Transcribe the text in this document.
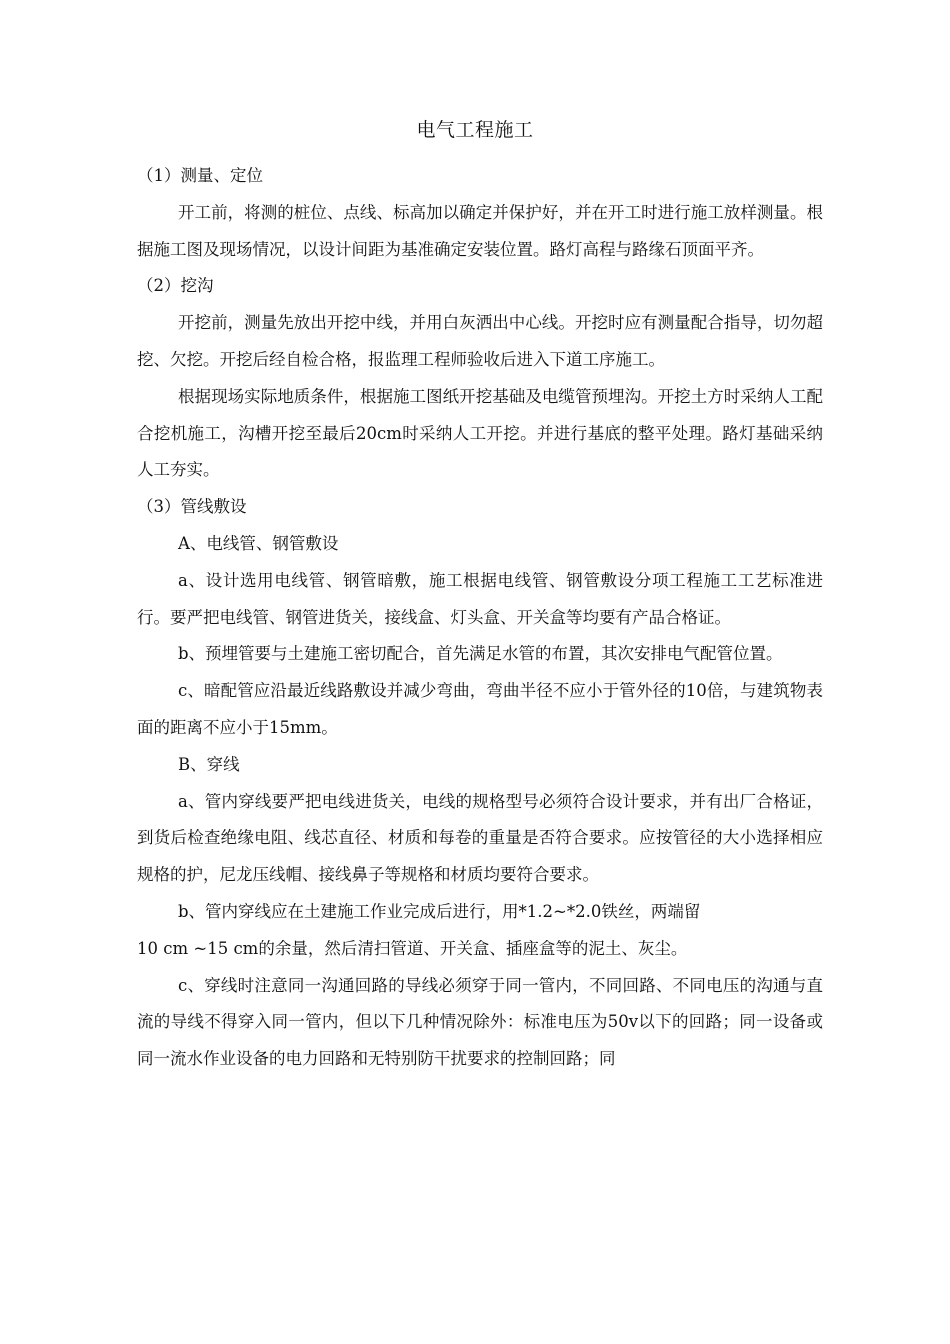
电气工程施工

（1）测量、定位

开工前，将测的桩位、点线、标高加以确定并保护好，并在开工时进行施工放样测量。根据施工图及现场情况，以设计间距为基准确定安装位置。路灯高程与路缘石顶面平齐。

（2）挖沟

开挖前，测量先放出开挖中线，并用白灰洒出中心线。开挖时应有测量配合指导，切勿超挖、欠挖。开挖后经自检合格，报监理工程师验收后进入下道工序施工。

根据现场实际地质条件，根据施工图纸开挖基础及电缆管预埋沟。开挖土方时采纳人工配合挖机施工，沟槽开挖至最后20cm时采纳人工开挖。并进行基底的整平处理。路灯基础采纳人工夯实。

（3）管线敷设

A、电线管、钢管敷设

a、设计选用电线管、钢管暗敷，施工根据电线管、钢管敷设分项工程施工工艺标准进行。要严把电线管、钢管进货关，接线盒、灯头盒、开关盒等均要有产品合格证。

b、预埋管要与土建施工密切配合，首先满足水管的布置，其次安排电气配管位置。

c、暗配管应沿最近线路敷设并减少弯曲，弯曲半径不应小于管外径的10倍，与建筑物表面的距离不应小于15mm。

B、穿线

a、管内穿线要严把电线进货关，电线的规格型号必须符合设计要求，并有出厂合格证，到货后检查绝缘电阻、线芯直径、材质和每卷的重量是否符合要求。应按管径的大小选择相应规格的护，尼龙压线帽、接线鼻子等规格和材质均要符合要求。

b、管内穿线应在土建施工作业完成后进行，用*1.2~*2.0铁丝，两端留
10 cm ~15 cm的余量，然后清扫管道、开关盒、插座盒等的泥土、灰尘。

c、穿线时注意同一沟通回路的导线必须穿于同一管内，不同回路、不同电压的沟通与直流的导线不得穿入同一管内，但以下几种情况除外：标准电压为50v以下的回路；同一设备或同一流水作业设备的电力回路和无特别防干扰要求的控制回路；同
